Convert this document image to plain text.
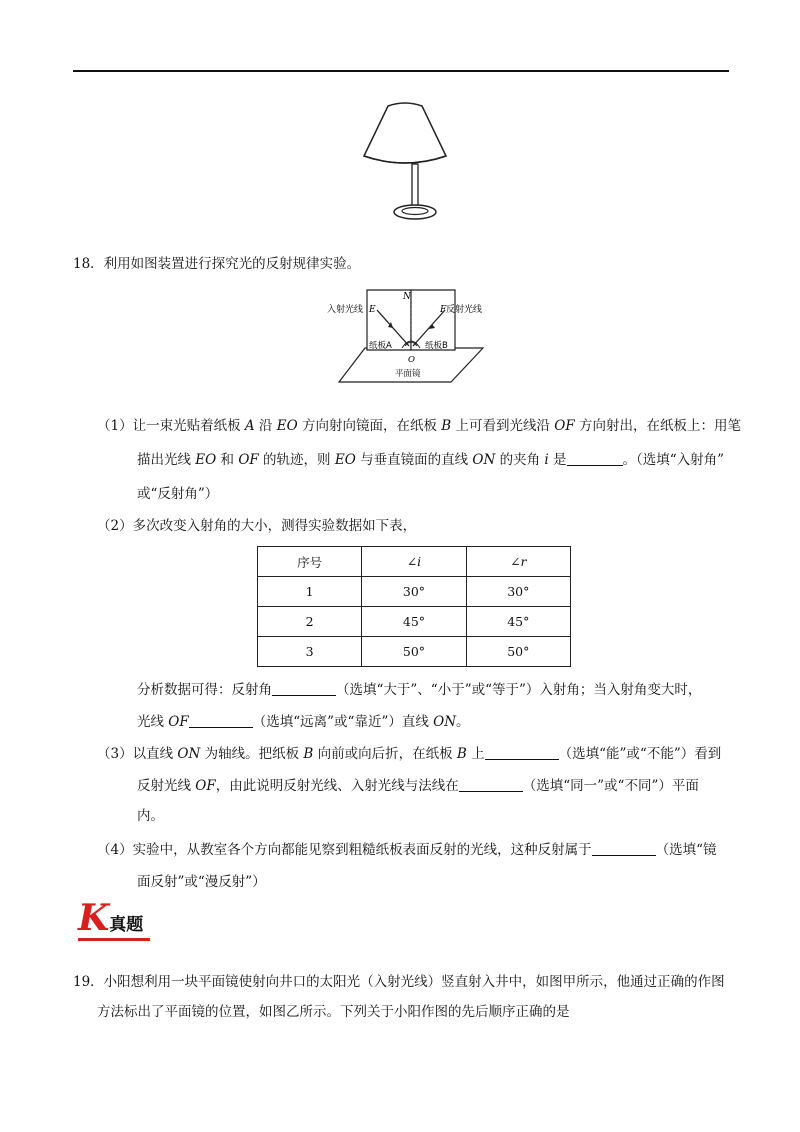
18．利用如图装置进行探究光的反射规律实验。
入射光线 E
N
F 反射光线
纸板A	纸板B
O
平面镜
（1）让一束光贴着纸板 A 沿 EO 方向射向镜面，在纸板 B 上可看到光线沿 OF 方向射出，在纸板上：用笔
描出光线 EO 和 OF 的轨迹，则 EO 与垂直镜面的直线 ON 的夹角 i 是	。（选填“入射角”
或“反射角”）
（2）多次改变入射角的大小，测得实验数据如下表，
序号	∠i	∠r
1	30°	30°
2	45°	45°
3	50°	50°
分析数据可得：反射角	（选填“大于”、“小于”或“等于”）入射角；当入射角变大时，
光线 OF	（选填“远离”或“靠近”）直线 ON。
（3）以直线 ON 为轴线。把纸板 B 向前或向后折，在纸板 B 上	（选填“能”或“不能”）看到
反射光线 OF，由此说明反射光线、入射光线与法线在	（选填“同一”或“不同”）平面
内。
（4）实验中，从教室各个方向都能见察到粗糙纸板表面反射的光线，这种反射属于	（选填“镜
面反射”或“漫反射”）
K真题
19．小阳想利用一块平面镜使射向井口的太阳光（入射光线）竖直射入井中，如图甲所示，他通过正确的作图
方法标出了平面镜的位置，如图乙所示。下列关于小阳作图的先后顺序正确的是
